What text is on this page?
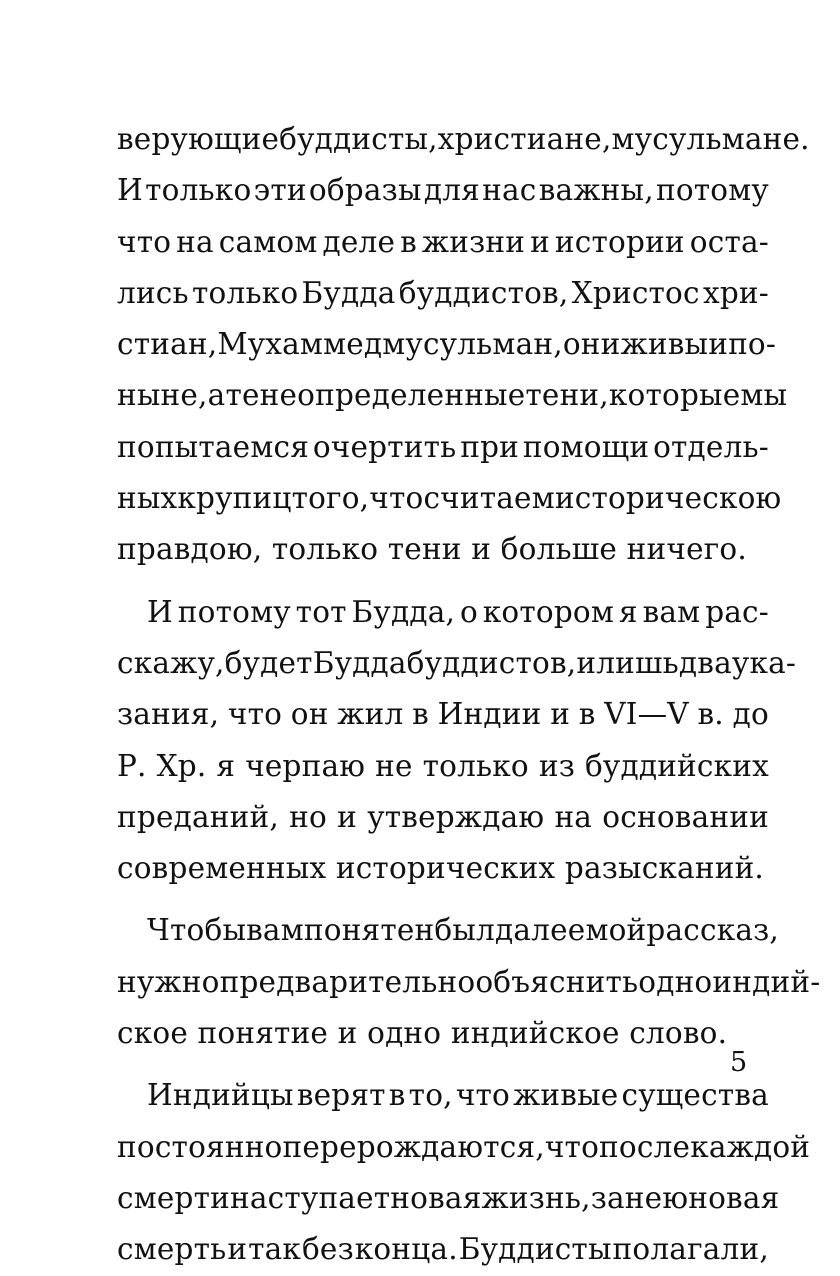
верующие буддисты, христиане, мусульмане.
И только эти образы для нас важны, потому
что на самом деле в жизни и истории оста-
лись только Будда буддистов, Христос хри-
стиан, Мухаммед мусульман, они живы и по-
ныне, а те неопределенные тени, которые мы
попытаемся очертить при помощи отдель-
ных крупиц того, что считаем историческою
правдою, только тени и больше ничего.
И потому тот Будда, о котором я вам рас-
скажу, будет Будда буддистов, и лишь два ука-
зания, что он жил в Индии и в VI—V в. до
Р. Хр. я черпаю не только из буддийских
преданий, но и утверждаю на основании
современных исторических разысканий.
Чтобы вам понятен был далее мой рассказ,
нужно предварительно объяснить одно индий-
ское понятие и одно индийское слово.
Индийцы верят в то, что живые существа
постоянно перерождаются, что после каждой
смерти наступает новая жизнь, за нею новая
смерть и так без конца. Буддисты полагали,
5
